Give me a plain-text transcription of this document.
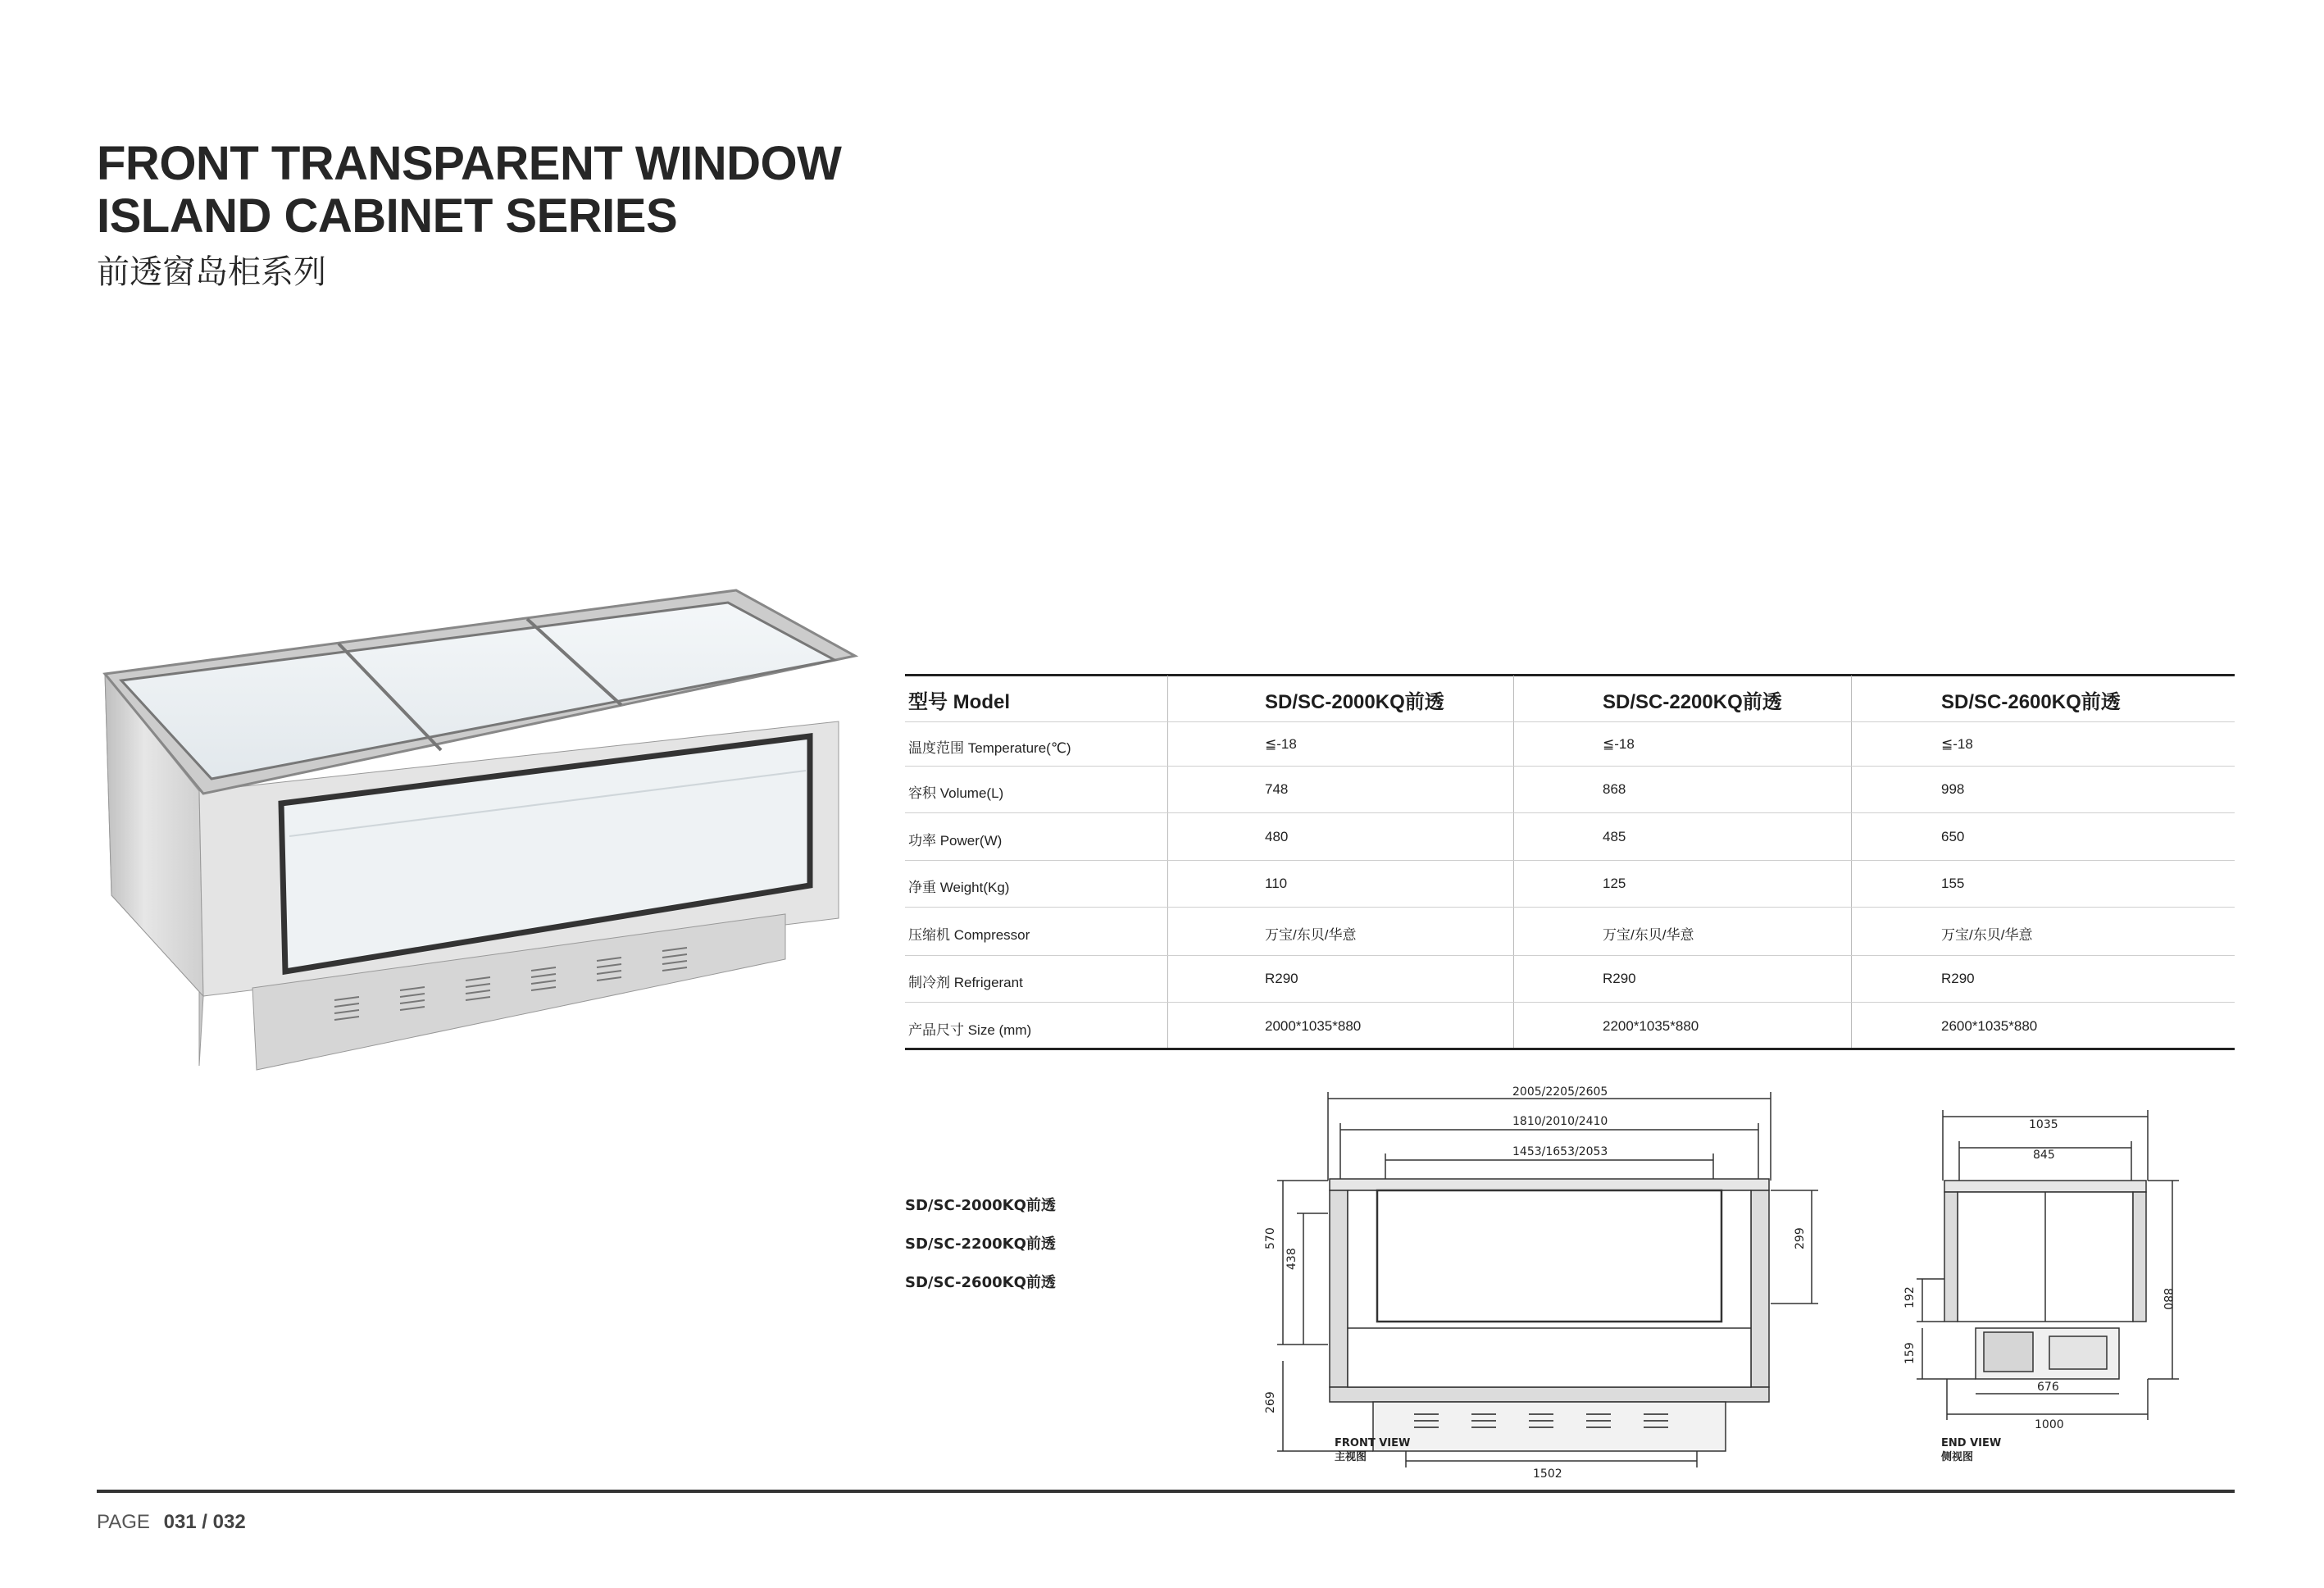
FRONT TRANSPARENT WINDOW
ISLAND CABINET SERIES
前透窗岛柜系列
型号 Model	SD/SC-2000KQ前透	SD/SC-2200KQ前透	SD/SC-2600KQ前透
温度范围 Temperature(℃)	≦-18	≦-18	≦-18
容积 Volume(L)	748	868	998
功率 Power(W)	480	485	650
净重 Weight(Kg)	110	125	155
压缩机 Compressor	万宝/东贝/华意	万宝/东贝/华意	万宝/东贝/华意
制冷剂 Refrigerant	R290	R290	R290
产品尺寸 Size (mm)	2000*1035*880	2200*1035*880	2600*1035*880
SD/SC-2000KQ前透
SD/SC-2200KQ前透
SD/SC-2600KQ前透
2005/2205/2605
1810/2010/2410
1453/1653/2053
1502
570
438
269
299
1035
845
880
192
159
676
1000
FRONT VIEW
主视图
END VIEW
侧视图
PAGE 031 / 032
